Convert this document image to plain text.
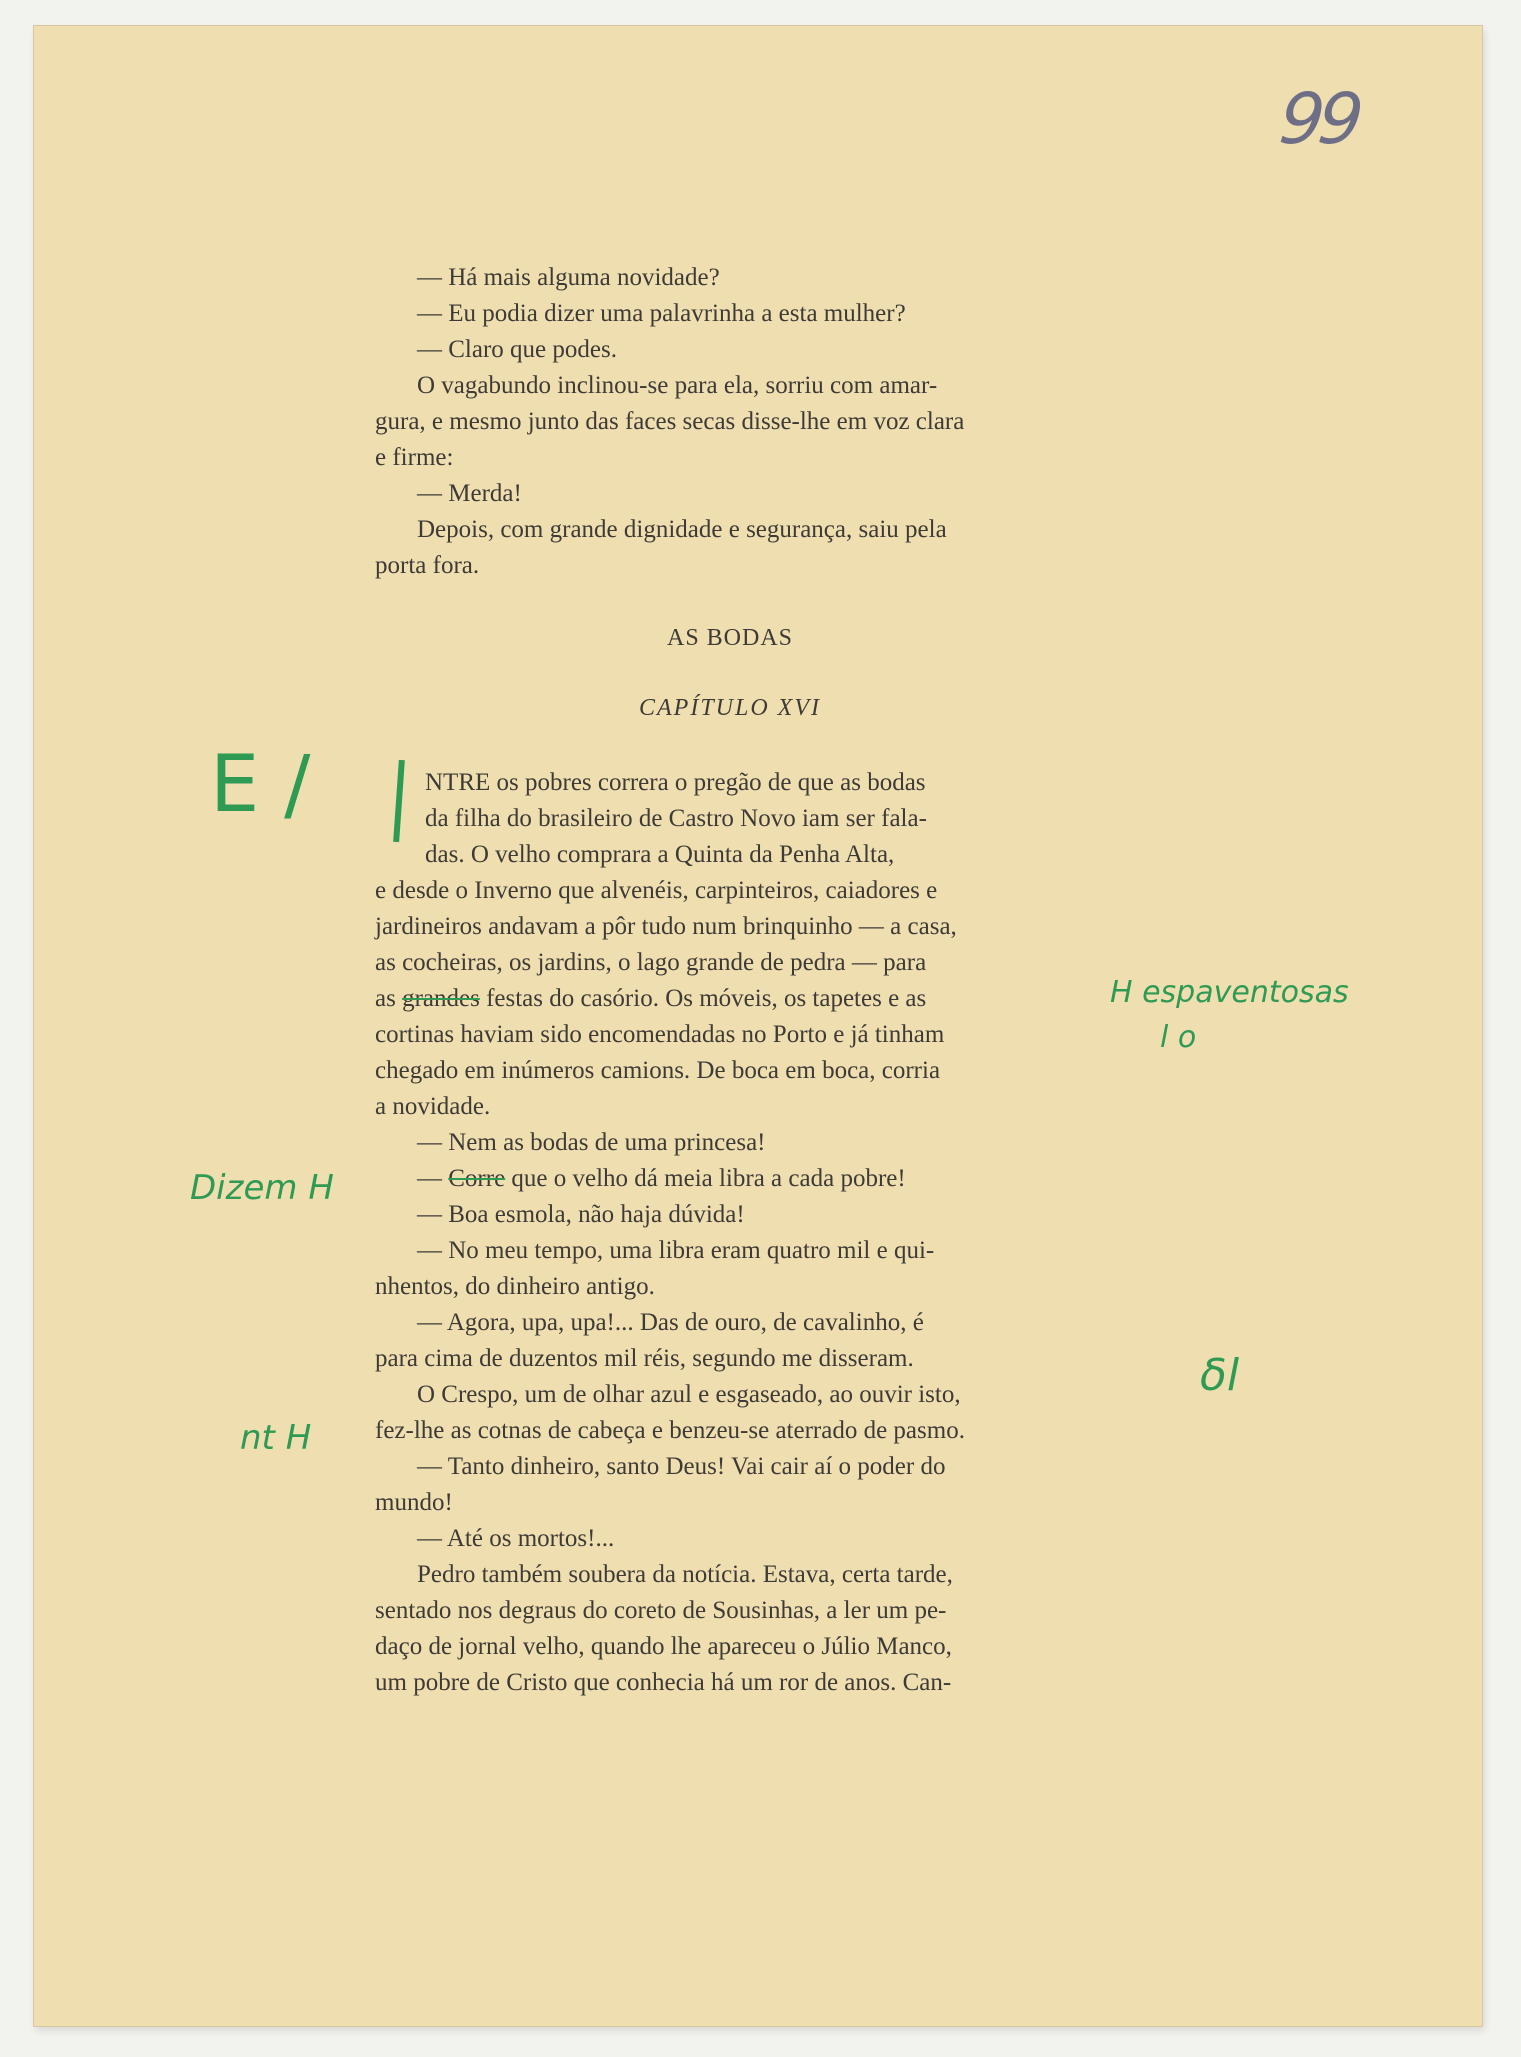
99
— Há mais alguma novidade?
— Eu podia dizer uma palavrinha a esta mulher?
— Claro que podes.
O vagabundo inclinou-se para ela, sorriu com amar-
gura, e mesmo junto das faces secas disse-lhe em voz clara
e firme:
— Merda!
Depois, com grande dignidade e segurança, saiu pela
porta fora.
AS BODAS
CAPÍTULO XVI
NTRE os pobres correra o pregão de que as bodas
da filha do brasileiro de Castro Novo iam ser fala-
das. O velho comprara a Quinta da Penha Alta,
e desde o Inverno que alvenéis, carpinteiros, caiadores e
jardineiros andavam a pôr tudo num brinquinho — a casa,
as cocheiras, os jardins, o lago grande de pedra — para
as grandes festas do casório. Os móveis, os tapetes e as
cortinas haviam sido encomendadas no Porto e já tinham
chegado em inúmeros camions. De boca em boca, corria
a novidade.
— Nem as bodas de uma princesa!
— Corre que o velho dá meia libra a cada pobre!
— Boa esmola, não haja dúvida!
— No meu tempo, uma libra eram quatro mil e qui-
nhentos, do dinheiro antigo.
— Agora, upa, upa!... Das de ouro, de cavalinho, é
para cima de duzentos mil réis, segundo me disseram.
O Crespo, um de olhar azul e esgaseado, ao ouvir isto,
fez-lhe as cotnas de cabeça e benzeu-se aterrado de pasmo.
— Tanto dinheiro, santo Deus! Vai cair aí o poder do
mundo!
— Até os mortos!...
Pedro também soubera da notícia. Estava, certa tarde,
sentado nos degraus do coreto de Sousinhas, a ler um pe-
daço de jornal velho, quando lhe apareceu o Júlio Manco,
um pobre de Cristo que conhecia há um ror de anos. Can-
E /
H espaventosas
l o
Dizem H
nt H
δl
